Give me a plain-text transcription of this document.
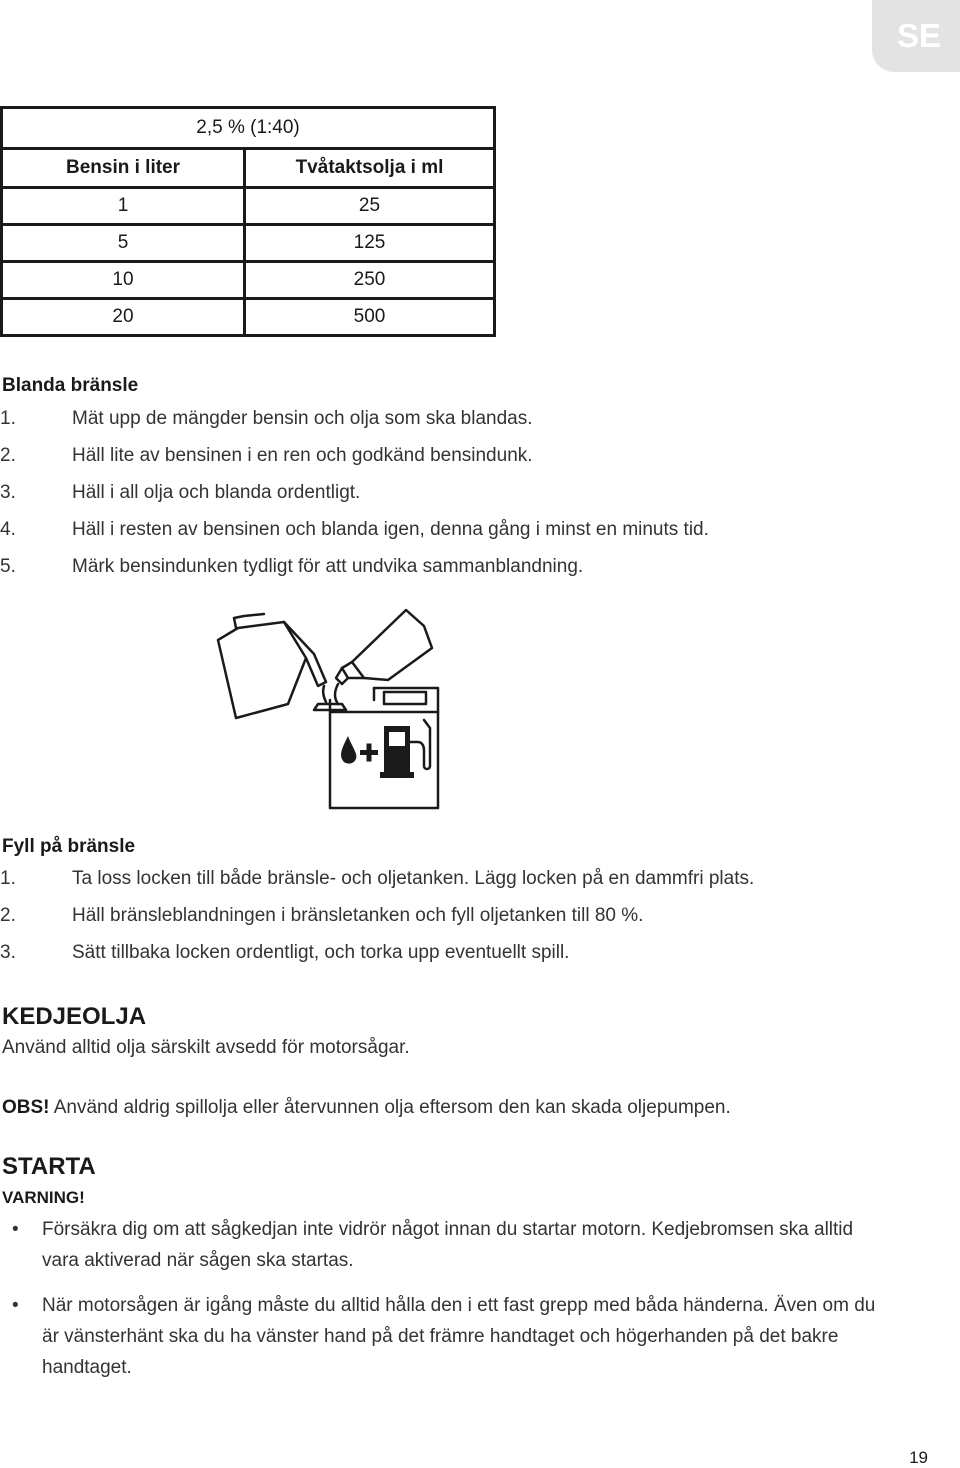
SE
2,5 % (1:40)	
Bensin i liter	Tvåtaktsolja i ml
1	25
5	125
10	250
20	500
Blanda bränsle
1.	Mät upp de mängder bensin och olja som ska blandas.
2.	Häll lite av bensinen i en ren och godkänd bensindunk.
3.	Häll i all olja och blanda ordentligt.
4.	Häll i resten av bensinen och blanda igen, denna gång i minst en minuts tid.
5.	Märk bensindunken tydligt för att undvika sammanblandning.
Fyll på bränsle
1.	Ta loss locken till både bränsle- och oljetanken. Lägg locken på en dammfri plats.
2.	Häll bränsleblandningen i bränsletanken och fyll oljetanken till 80 %.
3.	Sätt tillbaka locken ordentligt, och torka upp eventuellt spill.
KEDJEOLJA

Använd alltid olja särskilt avsedd för motorsågar.

OBS! Använd aldrig spillolja eller återvunnen olja eftersom den kan skada oljepumpen.

STARTA
VARNING!
• Försäkra dig om att sågkedjan inte vidrör något innan du startar motorn. Kedjebromsen ska alltid vara aktiverad när sågen ska startas.
• När motorsågen är igång måste du alltid hålla den i ett fast grepp med båda händerna. Även om du är vänsterhänt ska du ha vänster hand på det främre handtaget och högerhanden på det bakre handtaget.
19
